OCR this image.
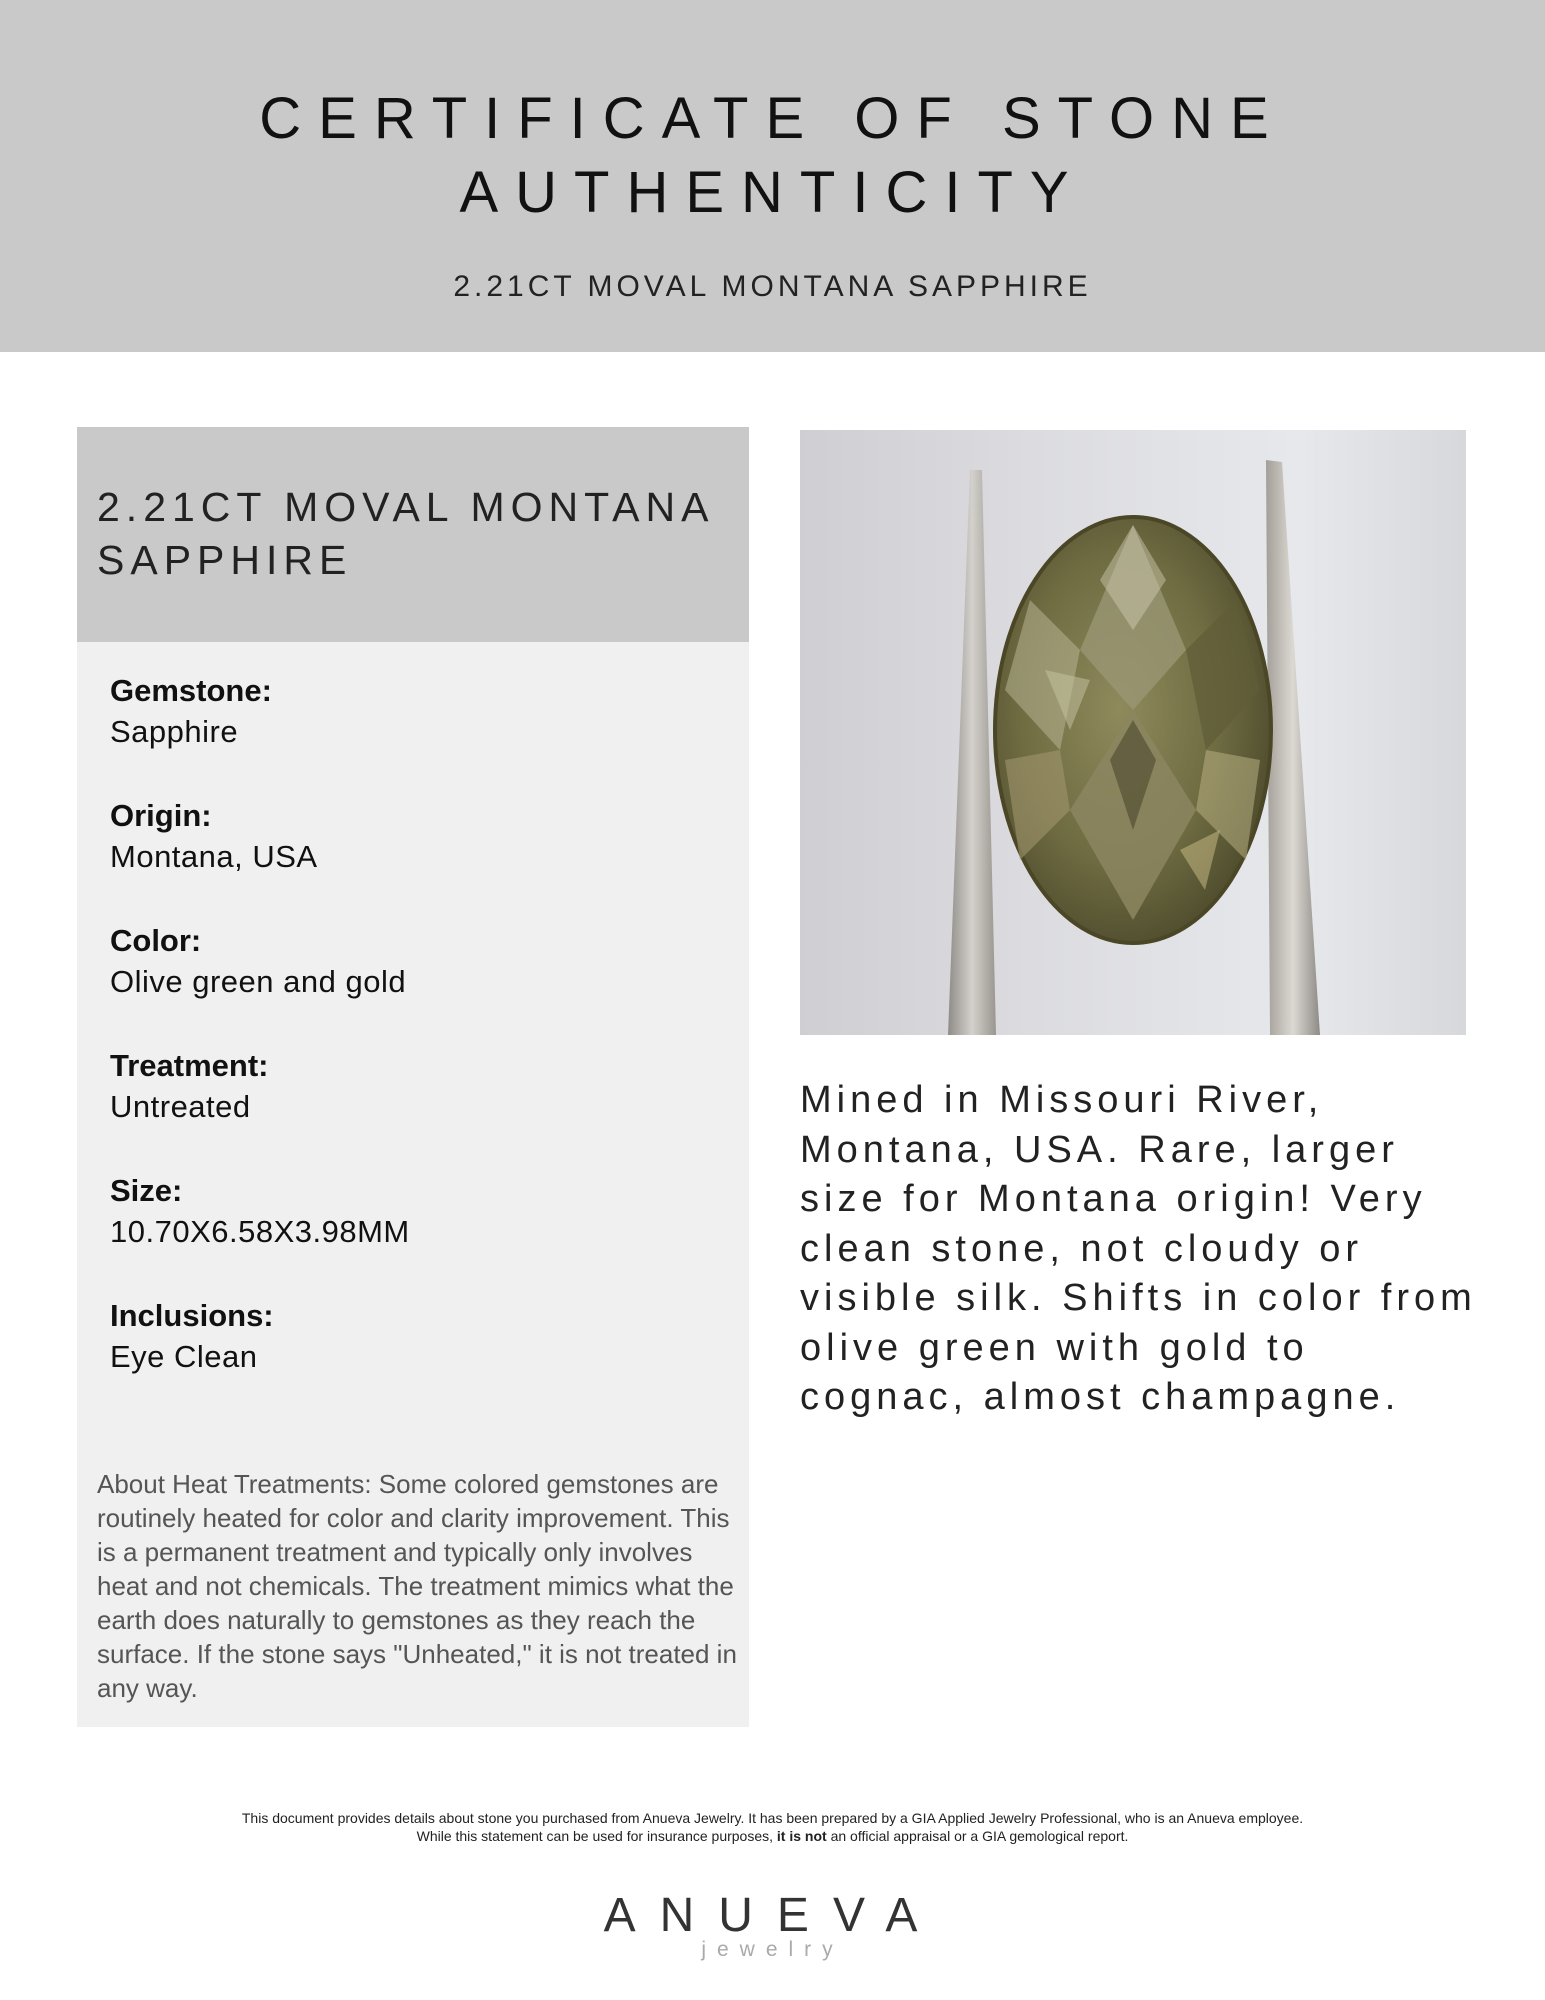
CERTIFICATE OF STONE
AUTHENTICITY
2.21CT MOVAL MONTANA SAPPHIRE
2.21CT MOVAL MONTANA
SAPPHIRE
Gemstone:
Sapphire
Origin:
Montana, USA
Color:
Olive green and gold
Treatment:
Untreated
Size:
10.70X6.58X3.98MM
Inclusions:
Eye Clean
About Heat Treatments: Some colored gemstones are routinely heated for color and clarity improvement. This is a permanent treatment and typically only involves heat and not chemicals. The treatment mimics what the earth does naturally to gemstones as they reach the surface. If the stone says "Unheated," it is not treated in any way.
Mined in Missouri River, Montana, USA. Rare, larger size for Montana origin! Very clean stone, not cloudy or visible silk. Shifts in color from olive green with gold to cognac, almost champagne.
This document provides details about stone you purchased from Anueva Jewelry. It has been prepared by a GIA Applied Jewelry Professional, who is an Anueva employee.
While this statement can be used for insurance purposes, it is not an official appraisal or a GIA gemological report.
ANUEVA
jewelry
